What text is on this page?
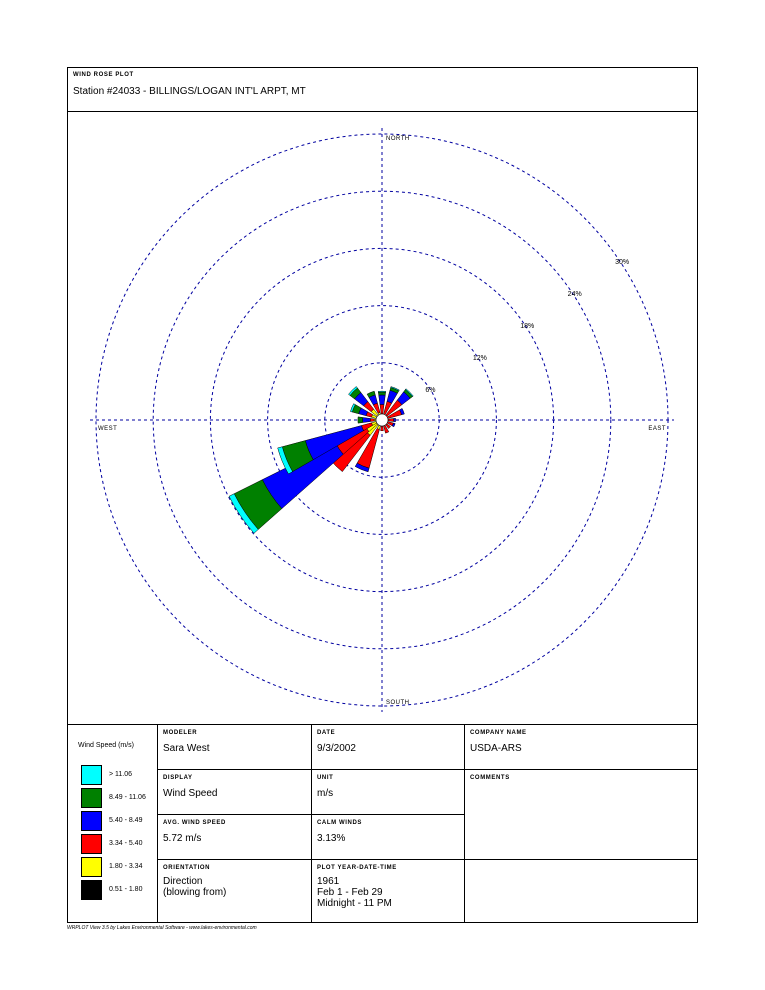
WIND ROSE PLOT
Station #24033 - BILLINGS/LOGAN INT'L ARPT, MT
6%
12%
18%
24%
30%
NORTH
EAST
SOUTH
WEST
Wind Speed (m/s)
> 11.06
8.49 - 11.06
5.40 - 8.49
3.34 - 5.40
1.80 - 3.34
0.51 - 1.80
MODELER
Sara West
DATE
9/3/2002
COMPANY NAME
USDA-ARS
DISPLAY
Wind Speed
UNIT
m/s
COMMENTS
AVG. WIND SPEED
5.72 m/s
CALM WINDS
3.13%
ORIENTATION
Direction
(blowing from)
PLOT YEAR-DATE-TIME
1961
Feb 1 - Feb 29
Midnight - 11 PM
WRPLOT View 3.5 by Lakes Environmental Software - www.lakes-environmental.com
